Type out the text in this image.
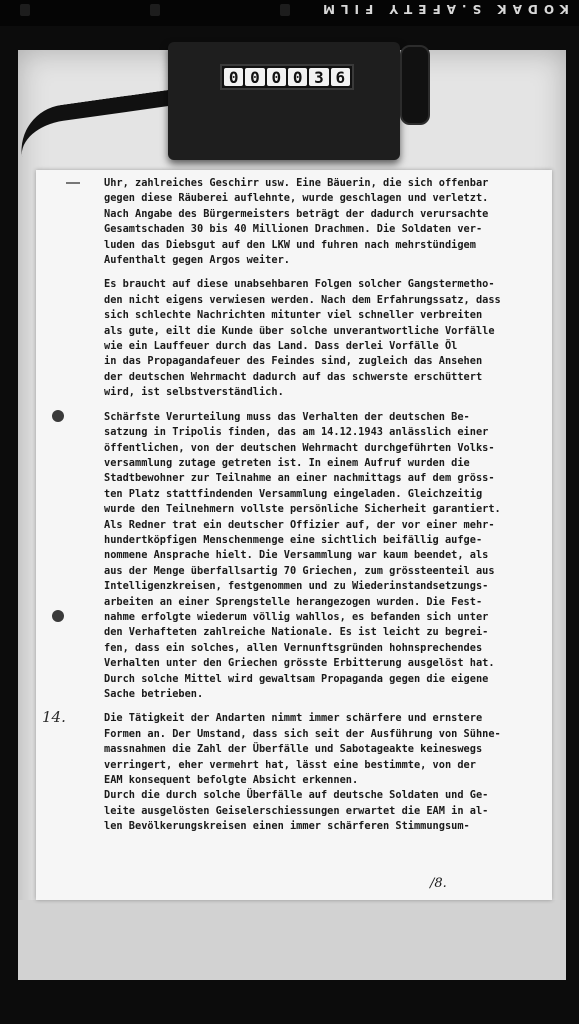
KODAK S.AFETY FILM
0 0 0 0 3 6
14.
Uhr, zahlreiches Geschirr usw. Eine Bäuerin, die sich offenbar
gegen diese Räuberei auflehnte, wurde geschlagen und verletzt.
Nach Angabe des Bürgermeisters beträgt der dadurch verursachte
Gesamtschaden 30 bis 40 Millionen Drachmen. Die Soldaten ver-
luden das Diebsgut auf den LKW und fuhren nach mehrstündigem
Aufenthalt gegen Argos weiter.
Es braucht auf diese unabsehbaren Folgen solcher Gangstermetho-
den nicht eigens verwiesen werden. Nach dem Erfahrungssatz, dass
sich schlechte Nachrichten mitunter viel schneller verbreiten
als gute, eilt die Kunde über solche unverantwortliche Vorfälle
wie ein Lauffeuer durch das Land. Dass derlei Vorfälle Öl
in das Propagandafeuer des Feindes sind, zugleich das Ansehen
der deutschen Wehrmacht dadurch auf das schwerste erschüttert
wird, ist selbstverständlich.
Schärfste Verurteilung muss das Verhalten der deutschen Be-
satzung in Tripolis finden, das am 14.12.1943 anlässlich einer
öffentlichen, von der deutschen Wehrmacht durchgeführten Volks-
versammlung zutage getreten ist. In einem Aufruf wurden die
Stadtbewohner zur Teilnahme an einer nachmittags auf dem gröss-
ten Platz stattfindenden Versammlung eingeladen. Gleichzeitig
wurde den Teilnehmern vollste persönliche Sicherheit garantiert.
Als Redner trat ein deutscher Offizier auf, der vor einer mehr-
hundertköpfigen Menschenmenge eine sichtlich beifällig aufge-
nommene Ansprache hielt. Die Versammlung war kaum beendet, als
aus der Menge überfallsartig 70 Griechen, zum grössteenteil aus
Intelligenzkreisen, festgenommen und zu Wiederinstandsetzungs-
arbeiten an einer Sprengstelle herangezogen wurden. Die Fest-
nahme erfolgte wiederum völlig wahllos, es befanden sich unter
den Verhafteten zahlreiche Nationale. Es ist leicht zu begrei-
fen, dass ein solches, allen Vernunftsgründen hohnsprechendes
Verhalten unter den Griechen grösste Erbitterung ausgelöst hat.
Durch solche Mittel wird gewaltsam Propaganda gegen die eigene
Sache betrieben.
Die Tätigkeit der Andarten nimmt immer schärfere und ernstere
Formen an. Der Umstand, dass sich seit der Ausführung von Sühne-
massnahmen die Zahl der Überfälle und Sabotageakte keineswegs
verringert, eher vermehrt hat, lässt eine bestimmte, von der
EAM konsequent befolgte Absicht erkennen.
Durch die durch solche Überfälle auf deutsche Soldaten und Ge-
leite ausgelösten Geiselerschiessungen erwartet die EAM in al-
len Bevölkerungskreisen einen immer schärferen Stimmungsum-
/8.
